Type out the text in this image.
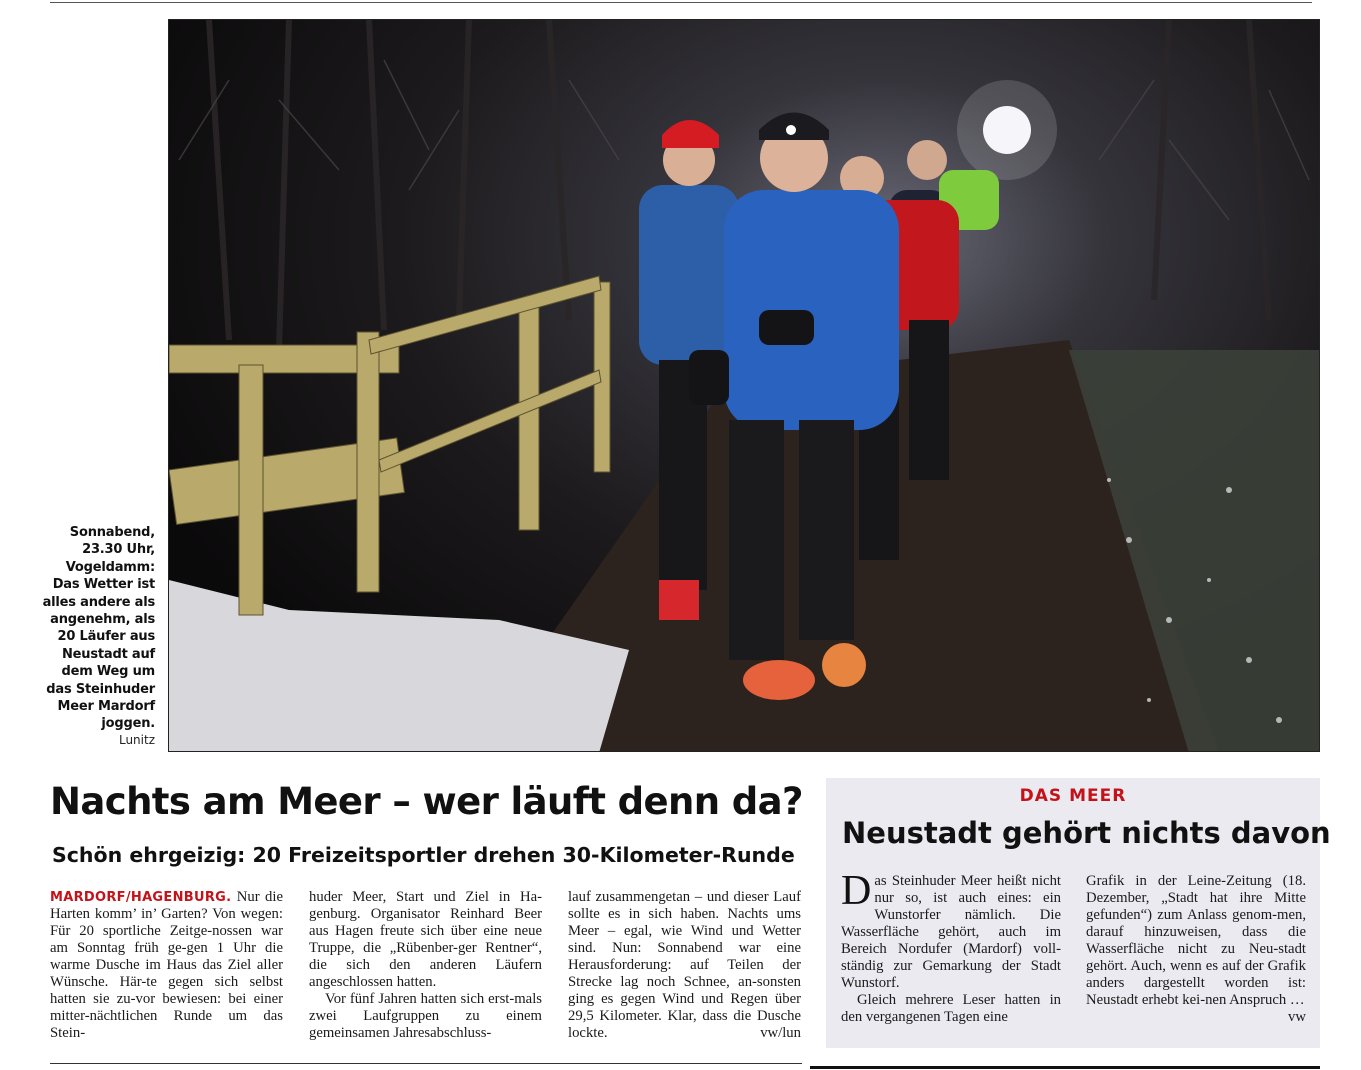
Sonnabend,
23.30 Uhr,
Vogeldamm:
Das Wetter ist
alles andere als
angenehm, als
20 Läufer aus
Neustadt auf
dem Weg um
das Steinhuder
Meer Mardorf
joggen.
Lunitz
Nachts am Meer – wer läuft denn da?
Schön ehrgeizig: 20 Freizeitsportler drehen 30-Kilometer-Runde

MARDORF/HAGENBURG. Nur die Harten komm’ in’ Garten? Von wegen: Für 20 sportliche Zeitge-nossen war am Sonntag früh ge-gen 1 Uhr die warme Dusche im Haus das Ziel aller Wünsche. Här-te gegen sich selbst hatten sie zu-vor bewiesen: bei einer mitter-nächtlichen Runde um das Stein-

huder Meer, Start und Ziel in Ha-genburg. Organisator Reinhard Beer aus Hagen freute sich über eine neue Truppe, die „Rübenber-ger Rentner“, die sich den anderen Läufern angeschlossen hatten.

Vor fünf Jahren hatten sich erst-mals zwei Laufgruppen zu einem gemeinsamen Jahresabschluss-

lauf zusammengetan – und dieser Lauf sollte es in sich haben. Nachts ums Meer – egal, wie Wind und Wetter sind. Nun: Sonnabend war eine Herausforderung: auf Teilen der Strecke lag noch Schnee, an-sonsten ging es gegen Wind und Regen über 29,5 Kilometer. Klar, dass die Dusche lockte.	vw/lun

DAS MEER
Neustadt gehört nichts davon

Das Steinhuder Meer heißt nicht nur so, ist auch eines: ein Wunstorfer nämlich. Die Wasserfläche gehört, auch im Bereich Nordufer (Mardorf) voll-ständig zur Gemarkung der Stadt Wunstorf.

Gleich mehrere Leser hatten in den vergangenen Tagen eine

Grafik in der Leine-Zeitung (18. Dezember, „Stadt hat ihre Mitte gefunden“) zum Anlass genom-men, darauf hinzuweisen, dass die Wasserfläche nicht zu Neu-stadt gehört. Auch, wenn es auf der Grafik anders dargestellt worden ist: Neustadt erhebt kei-nen Anspruch …
vw
